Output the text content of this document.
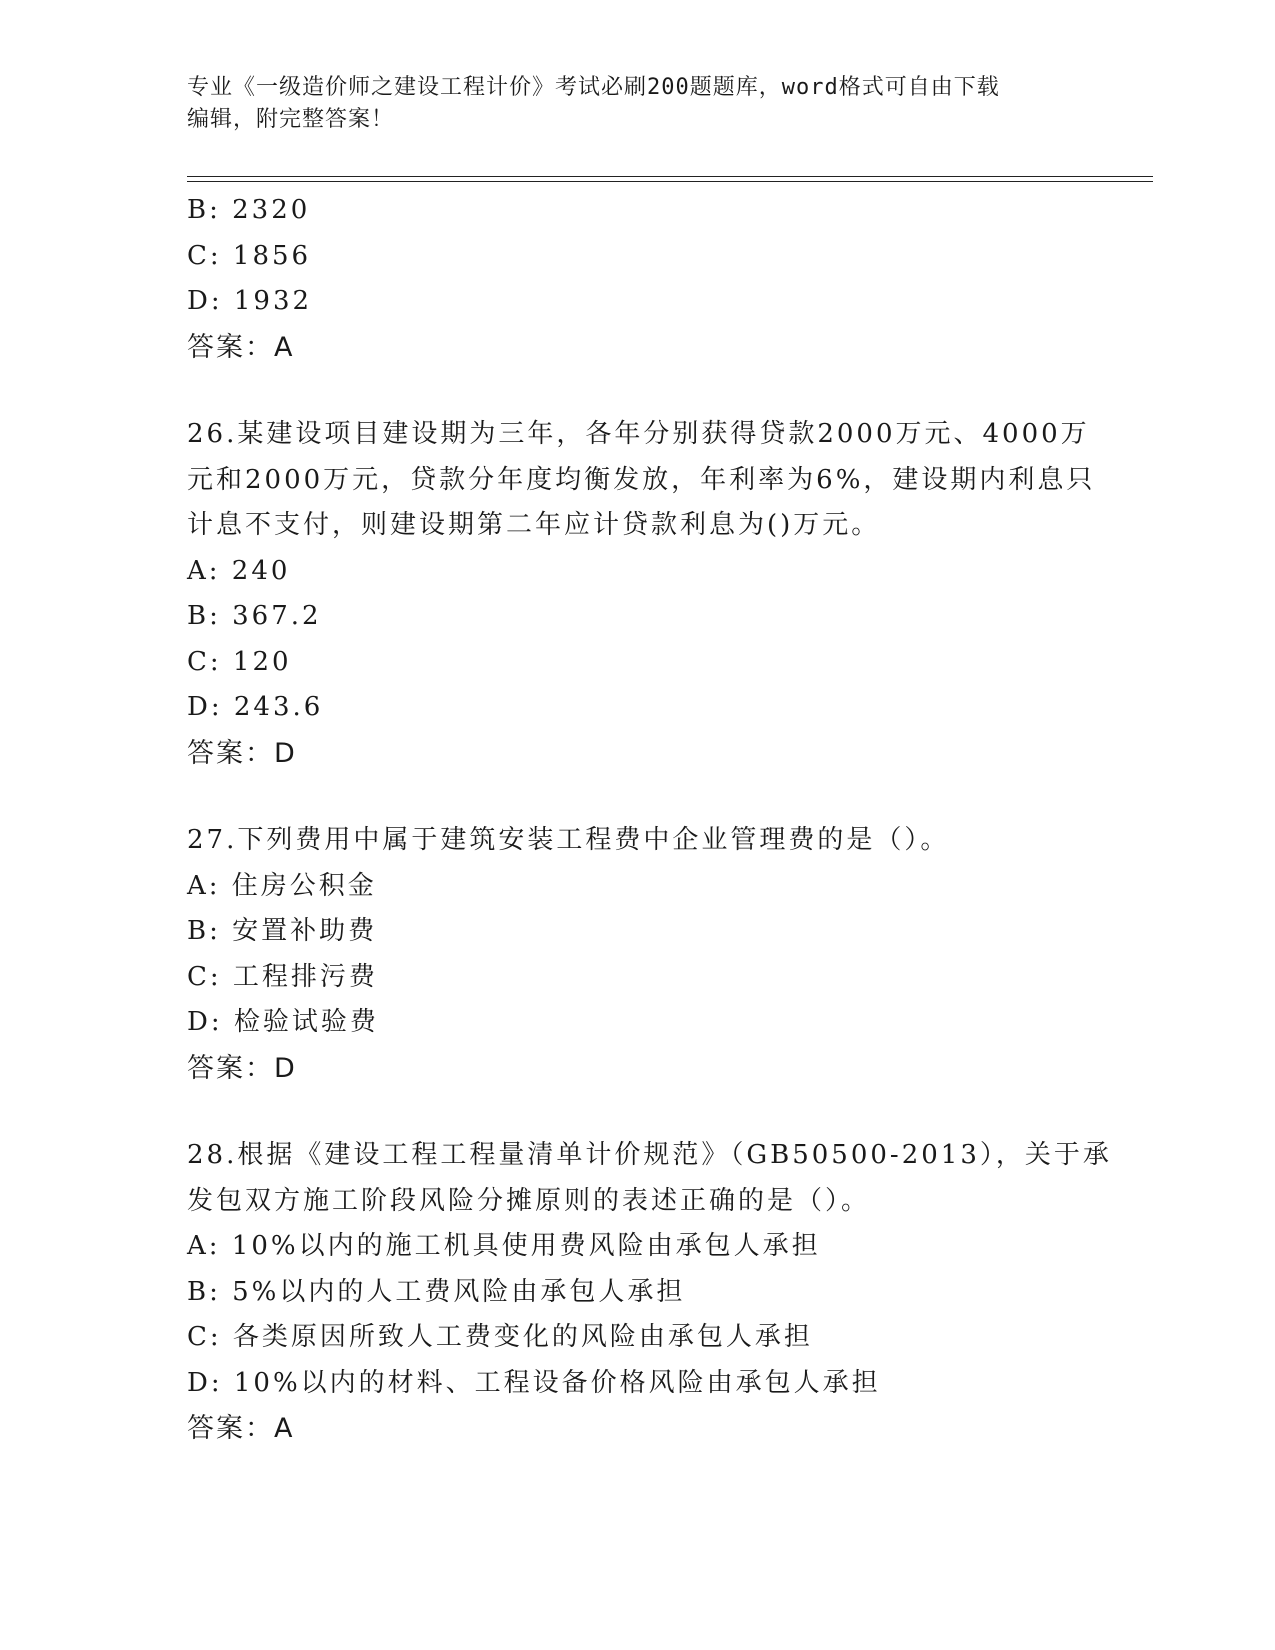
专业《一级造价师之建设工程计价》考试必刷200题题库，word格式可自由下载
编辑，附完整答案！
B: 2320
C: 1856
D: 1932
答案：A
26.某建设项目建设期为三年，各年分别获得贷款2000万元、4000万
元和2000万元，贷款分年度均衡发放，年利率为6%，建设期内利息只
计息不支付，则建设期第二年应计贷款利息为()万元。
A: 240
B: 367.2
C: 120
D: 243.6
答案：D
27.下列费用中属于建筑安装工程费中企业管理费的是（）。
A: 住房公积金
B: 安置补助费
C: 工程排污费
D: 检验试验费
答案：D
28.根据《建设工程工程量清单计价规范》（GB50500-2013），关于承
发包双方施工阶段风险分摊原则的表述正确的是（）。
A: 10%以内的施工机具使用费风险由承包人承担
B: 5%以内的人工费风险由承包人承担
C: 各类原因所致人工费变化的风险由承包人承担
D: 10%以内的材料、工程设备价格风险由承包人承担
答案：A
